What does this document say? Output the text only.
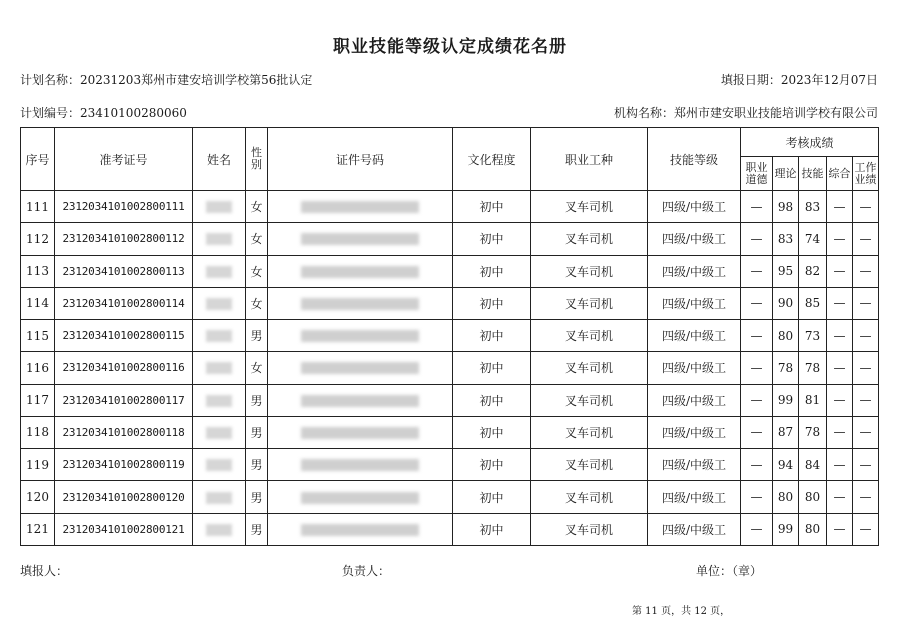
职业技能等级认定成绩花名册
计划名称：20231203郑州市建安培训学校第56批认定	填报日期：2023年12月07日
计划编号：23410100280060	机构名称：郑州市建安职业技能培训学校有限公司
序号	准考证号	姓名	性别	证件号码	文化程度	职业工种	技能等级	考核成绩				
								职业道德	理论	技能	综合	工作业绩
111	231203410100280011​1		女		初中	叉车司机	四级/中级工	—	98	83	—	—
112	2312034101002800112		女		初中	叉车司机	四级/中级工	—	83	74	—	—
113	2312034101002800113		女		初中	叉车司机	四级/中级工	—	95	82	—	—
114	2312034101002800114		女		初中	叉车司机	四级/中级工	—	90	85	—	—
115	2312034101002800115		男		初中	叉车司机	四级/中级工	—	80	73	—	—
116	2312034101002800116		女		初中	叉车司机	四级/中级工	—	78	78	—	—
117	2312034101002800117		男		初中	叉车司机	四级/中级工	—	99	81	—	—
118	2312034101002800118		男		初中	叉车司机	四级/中级工	—	87	78	—	—
119	2312034101002800119		男		初中	叉车司机	四级/中级工	—	94	84	—	—
120	2312034101002800120		男		初中	叉车司机	四级/中级工	—	80	80	—	—
121	2312034101002800121		男		初中	叉车司机	四级/中级工	—	99	80	—	—
填报人：	负责人：	单位：（章）
第 11 页，共 12 页，
